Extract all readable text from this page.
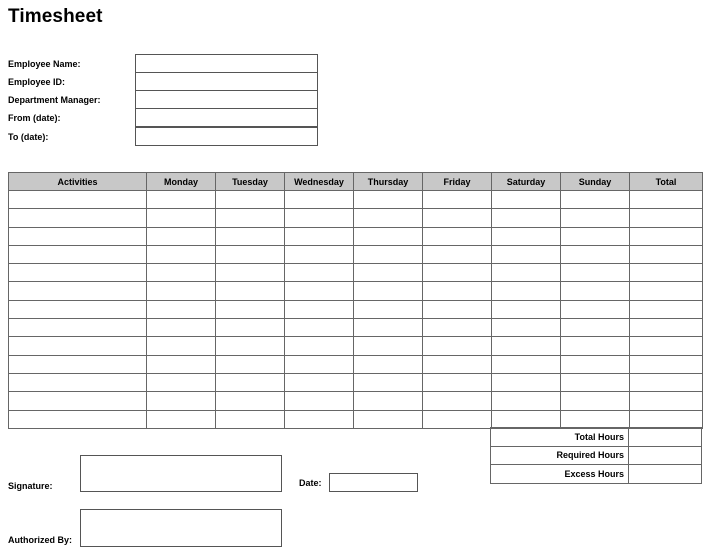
Timesheet
Employee Name:
Employee ID:
Department Manager:
From (date):
To (date):
Activities	Monday	Tuesday	Wednesday	Thursday	Friday	Saturday	Sunday	Total

Total Hours	
Required Hours	
Excess Hours	
Signature:	Date:
Authorized By:
